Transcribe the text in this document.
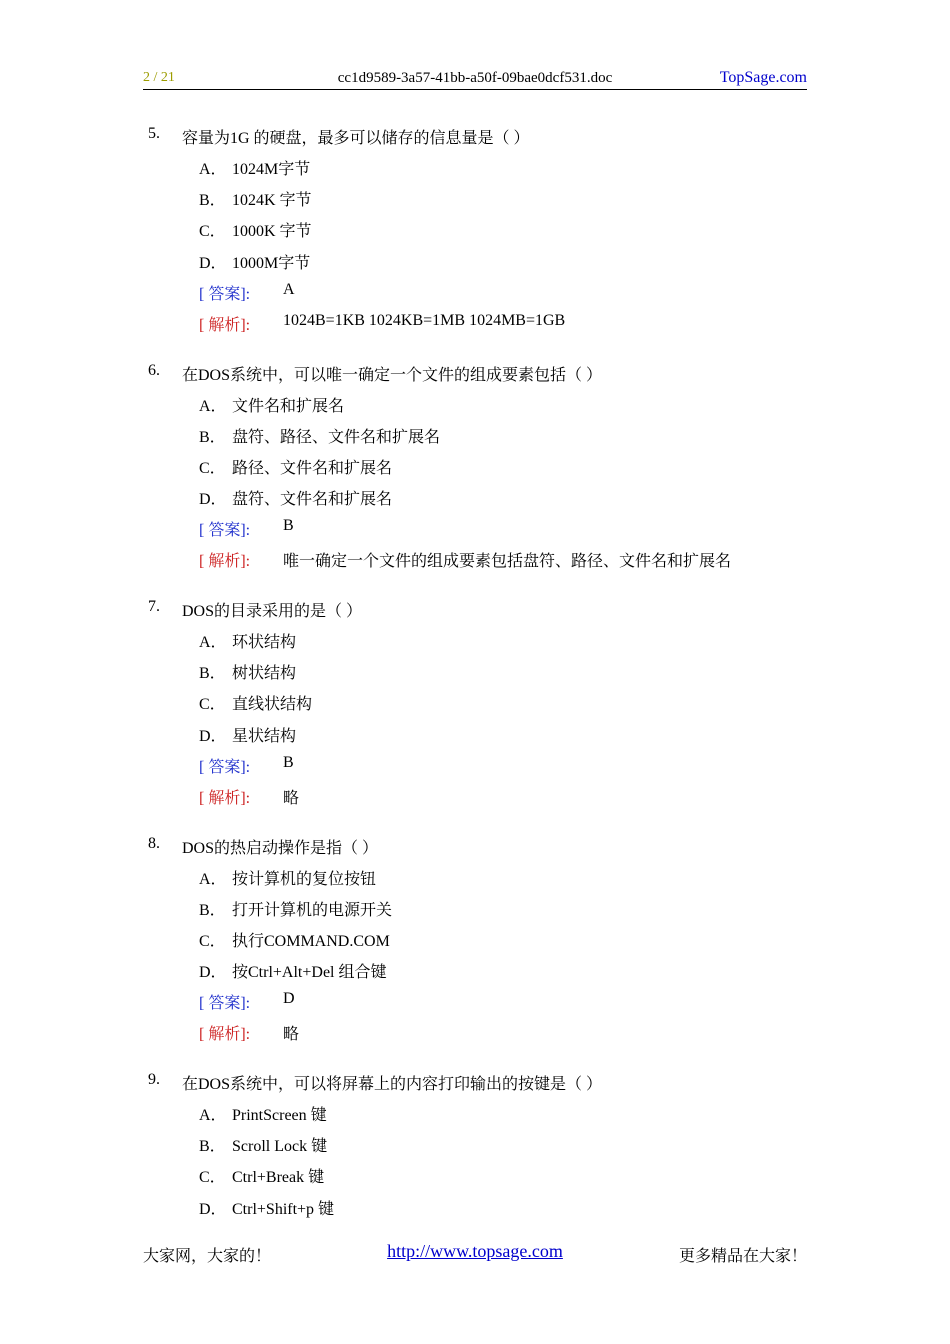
2 / 21	cc1d9589-3a57-41bb-a50f-09bae0dcf531.doc	TopSage.com
5. 容量为1G 的硬盘，最多可以储存的信息量是（ ）
A． 1024M字节
B． 1024K 字节
C． 1000K 字节
D． 1000M字节
[ 答案]: A
[ 解析]: 1024B=1KB 1024KB=1MB 1024MB=1GB
6. 在DOS系统中，可以唯一确定一个文件的组成要素包括（ ）
A． 文件名和扩展名
B． 盘符、路径、文件名和扩展名
C． 路径、文件名和扩展名
D． 盘符、文件名和扩展名
[ 答案]: B
[ 解析]: 唯一确定一个文件的组成要素包括盘符、路径、文件名和扩展名
7. DOS的目录采用的是（ ）
A． 环状结构
B． 树状结构
C． 直线状结构
D． 星状结构
[ 答案]: B
[ 解析]: 略
8. DOS的热启动操作是指（ ）
A． 按计算机的复位按钮
B． 打开计算机的电源开关
C． 执行COMMAND.COM
D． 按Ctrl+Alt+Del 组合键
[ 答案]: D
[ 解析]: 略
9. 在DOS系统中，可以将屏幕上的内容打印输出的按键是（ ）
A． PrintScreen 键
B． Scroll Lock 键
C． Ctrl+Break 键
D． Ctrl+Shift+p 键
大家网，大家的！	http://www.topsage.com	更多精品在大家！
